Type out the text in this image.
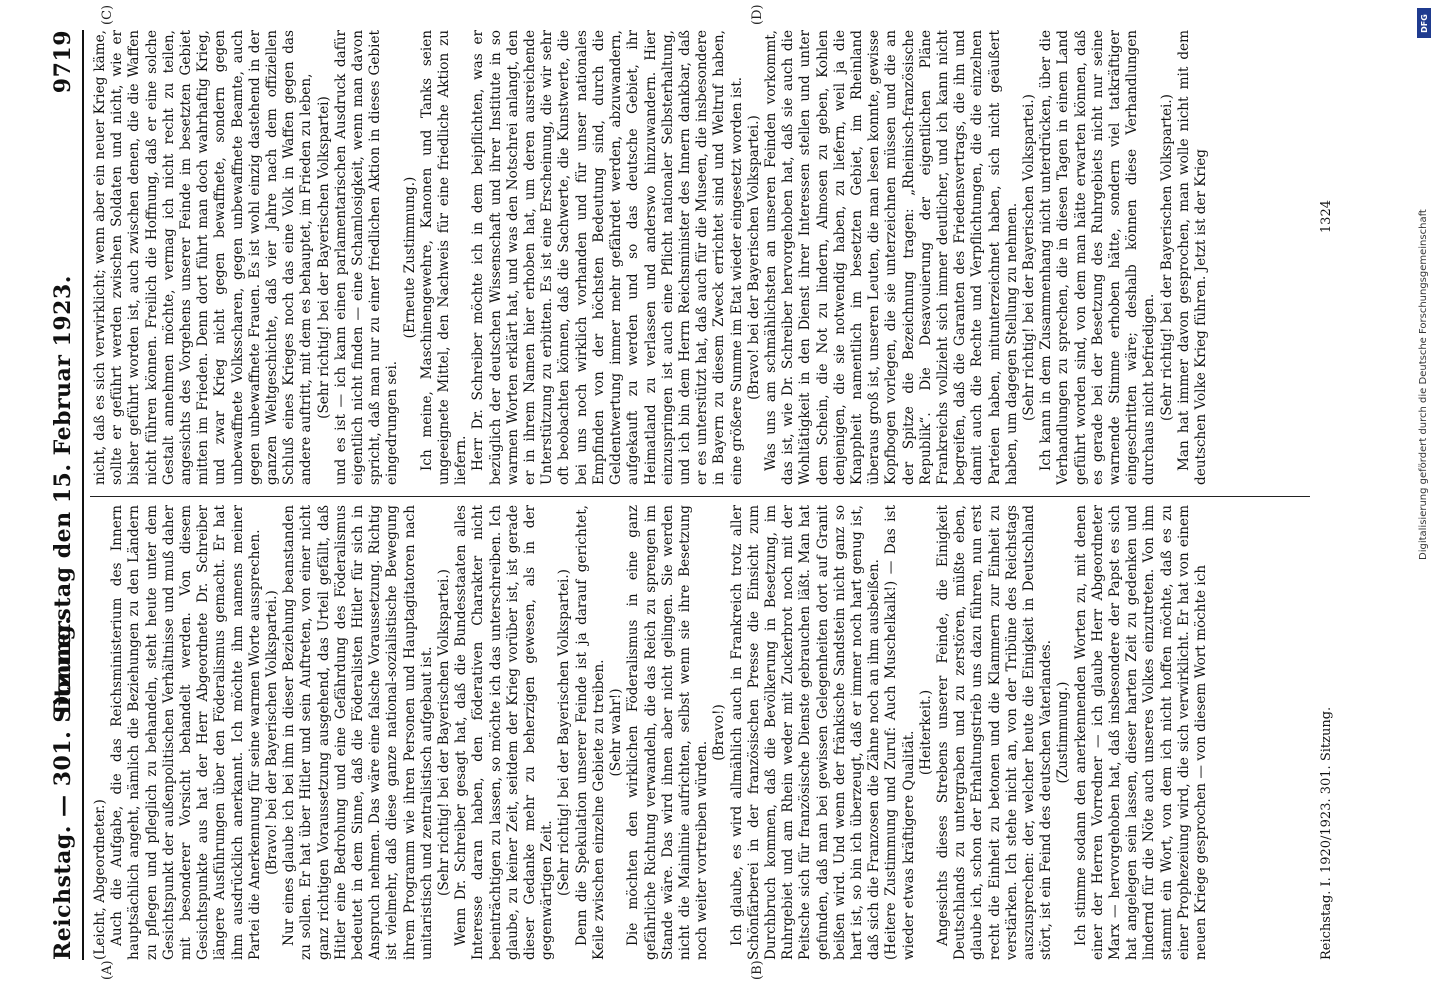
Reichstag. — 301. Sitzung.
Donnerstag den 15. Februar 1923.
9719
(A)	(B)
(C)	(D)

(Leicht, Abgeordneter.) Auch die Aufgabe, die das Reichsministerium des Innern hauptsächlich angeht, nämlich die Beziehungen zu den Ländern zu pflegen und pfleglich zu behandeln, steht heute unter dem Gesichtspunkt der außenpolitischen Verhältnisse und muß daher mit besonderer Vorsicht behandelt werden. Von diesem Gesichtspunkte aus hat der Herr Abgeordnete Dr. Schreiber längere Ausführungen über den Föderalismus gemacht. Er hat ihm ausdrücklich anerkannt. Ich möchte ihm namens meiner Partei die Anerkennung für seine warmen Worte aussprechen. (Bravo! bei der Bayerischen Volkspartei.) Nur eines glaube ich bei ihm in dieser Beziehung beanstanden zu sollen. Er hat über Hitler und sein Auftreten, von einer nicht ganz richtigen Voraussetzung ausgehend, das Urteil gefällt, daß Hitler eine Bedrohung und eine Gefährdung des Föderalismus bedeutet in dem Sinne, daß die Föderalisten Hitler für sich in Anspruch nehmen. Das wäre eine falsche Voraussetzung. Richtig ist vielmehr, daß diese ganze national-sozialistische Bewegung ihrem Programm wie ihren Personen und Hauptagitatoren nach unitaristisch und zentralistisch aufgebaut ist. (Sehr richtig! bei der Bayerischen Volkspartei.) Wenn Dr. Schreiber gesagt hat, daß die Bundesstaaten alles Interesse daran haben, den föderativen Charakter nicht beeinträchtigen zu lassen, so möchte ich das unterschreiben. Ich glaube, zu keiner Zeit, seitdem der Krieg vorüber ist, ist gerade dieser Gedanke mehr zu beherzigen gewesen, als in der gegenwärtigen Zeit. (Sehr richtig! bei der Bayerischen Volkspartei.) Denn die Spekulation unserer Feinde ist ja darauf gerichtet, Keile zwischen einzelne Gebiete zu treiben. (Sehr wahr!) Die möchten den wirklichen Föderalismus in eine ganz gefährliche Richtung verwandeln, die das Reich zu sprengen im Stande wäre. Das wird ihnen aber nicht gelingen. Sie werden nicht die Mainlinie aufrichten, selbst wenn sie ihre Besetzung noch weiter vortreiben würden.

(Bravo!) Ich glaube, es wird allmählich auch in Frankreich trotz aller Schönfärberei in der französischen Presse die Einsicht zum Durchbruch kommen, daß die Bevölkerung in Besetzung, im Ruhrgebiet und am Rhein weder mit Zuckerbrot noch mit der Peitsche sich für französische Dienste gebrauchen läßt. Man hat gefunden, daß man bei gewissen Gelegenheiten dort auf Granit beißen wird. Und wenn der fränkische Sandstein nicht ganz so hart ist, so bin ich überzeugt, daß er immer noch hart genug ist, daß sich die Franzosen die Zähne noch an ihm ausbeißen. (Heitere Zustimmung und Zuruf: Auch Muschelkalk!) — Das ist wieder etwas kräftigere Qualität. (Heiterkeit.) Angesichts dieses Strebens unserer Feinde, die Einigkeit Deutschlands zu untergraben und zu zerstören, müßte eben, glaube ich, schon der Erhaltungstrieb uns dazu führen, nun erst recht die Einheit zu betonen und die Klammern zur Einheit zu verstärken. Ich stehe nicht an, von der Tribüne des Reichstags auszusprechen: der, welcher heute die Einigkeit in Deutschland stört, ist ein Feind des deutschen Vaterlandes. (Zustimmung.) Ich stimme sodann den anerkennenden Worten zu, mit denen einer der Herren Vorredner — ich glaube Herr Abgeordneter Marx — hervorgehoben hat, daß insbesondere der Papst es sich hat angelegen sein lassen, dieser harten Zeit zu gedenken und lindernd für die Nöte auch unseres Volkes einzutreten. Von ihm stammt ein Wort, von dem ich nicht hoffen möchte, daß es zu einer Prophezeiung wird, die sich verwirklicht. Er hat von einem neuen Kriege gesprochen — von diesem Wort möchte ich

nicht, daß es sich verwirklicht; wenn aber ein neuer Krieg käme, sollte er geführt werden zwischen Soldaten und nicht, wie er bisher geführt worden ist, auch zwischen denen, die die Waffen nicht führen können. Freilich die Hoffnung, daß er eine solche Gestalt annehmen möchte, vermag ich nicht recht zu teilen, angesichts des Vorgehens unserer Feinde im besetzten Gebiet mitten im Frieden. Denn dort führt man doch wahrhaftig Krieg, und zwar Krieg nicht gegen bewaffnete, sondern gegen unbewaffnete Volksscharen, gegen unbewaffnete Beamte, auch gegen unbewaffnete Frauen. Es ist wohl einzig dastehend in der ganzen Weltgeschichte, daß vier Jahre nach dem offiziellen Schluß eines Krieges noch das eine Volk in Waffen gegen das andere auftritt, mit dem es behauptet, im Frieden zu leben, (Sehr richtig! bei der Bayerischen Volkspartei) und es ist — ich kann einen parlamentarischen Ausdruck dafür eigentlich nicht finden — eine Schamlosigkeit, wenn man davon spricht, daß man nur zu einer friedlichen Aktion in dieses Gebiet eingedrungen sei.

(Erneute Zustimmung.) Ich meine, Maschinengewehre, Kanonen und Tanks seien ungeeignete Mittel, den Nachweis für eine friedliche Aktion zu liefern. Herr Dr. Schreiber möchte ich in dem beipflichten, was er bezüglich der deutschen Wissenschaft und ihrer Institute in so warmen Worten erklärt hat, und was den Notschrei anlangt, den er in ihrem Namen hier erhoben hat, um deren ausreichende Unterstützung zu erbitten. Es ist eine Erscheinung, die wir sehr oft beobachten können, daß die Sachwerte, die Kunstwerte, die bei uns noch wirklich vorhanden und für unser nationales Empfinden von der höchsten Bedeutung sind, durch die Geldentwertung immer mehr gefährdet werden, abzuwandern, aufgekauft zu werden und so das deutsche Gebiet, ihr Heimatland zu verlassen und anderswo hinzuwandern. Hier einzuspringen ist auch eine Pflicht nationaler Selbsterhaltung, und ich bin dem Herrn Reichsminister des Innern dankbar, daß er es unterstützt hat, daß auch für die Museen, die insbesondere in Bayern zu diesem Zweck errichtet sind und Weltruf haben, eine größere Summe im Etat wieder eingesetzt worden ist. (Bravo! bei der Bayerischen Volkspartei.) Was uns am schmählichsten an unseren Feinden vorkommt, das ist, wie Dr. Schreiber hervorgehoben hat, daß sie auch die Wohltätigkeit in den Dienst ihrer Interessen stellen und unter dem Schein, die Not zu lindern, Almosen zu geben, Kohlen denjenigen, die sie notwendig haben, zu liefern, weil ja die Knappheit namentlich im besetzten Gebiet, im Rheinland überaus groß ist, unseren Leuten, die man lesen konnte, gewisse Kopfbogen vorlegen, die sie unterzeichnen müssen und die an der Spitze die Bezeichnung tragen: „Rheinisch-französische Republik“. Die Desavouierung der eigentlichen Pläne Frankreichs vollzieht sich immer deutlicher, und ich kann nicht begreifen, daß die Garanten des Friedensvertrags, die ihn und damit auch die Rechte und Verpflichtungen, die die einzelnen Parteien haben, mitunterzeichnet haben, sich nicht geäußert haben, um dagegen Stellung zu nehmen. (Sehr richtig! bei der Bayerischen Volkspartei.) Ich kann in dem Zusammenhang nicht unterdrücken, über die Verhandlungen zu sprechen, die in diesen Tagen in einem Land geführt worden sind, von dem man hätte erwarten können, daß es gerade bei der Besetzung des Ruhrgebiets nicht nur seine warnende Stimme erhoben hätte, sondern viel tatkräftiger eingeschritten wäre; deshalb können diese Verhandlungen durchaus nicht befriedigen. (Sehr richtig! bei der Bayerischen Volkspartei.) Man hat immer davon gesprochen, man wolle nicht mit dem deutschen Volke Krieg führen. Jetzt ist der Krieg

Reichstag. I. 1920/1923. 301. Sitzung.
1324
DFG
Digitalisierung gefördert durch die Deutsche Forschungsgemeinschaft
